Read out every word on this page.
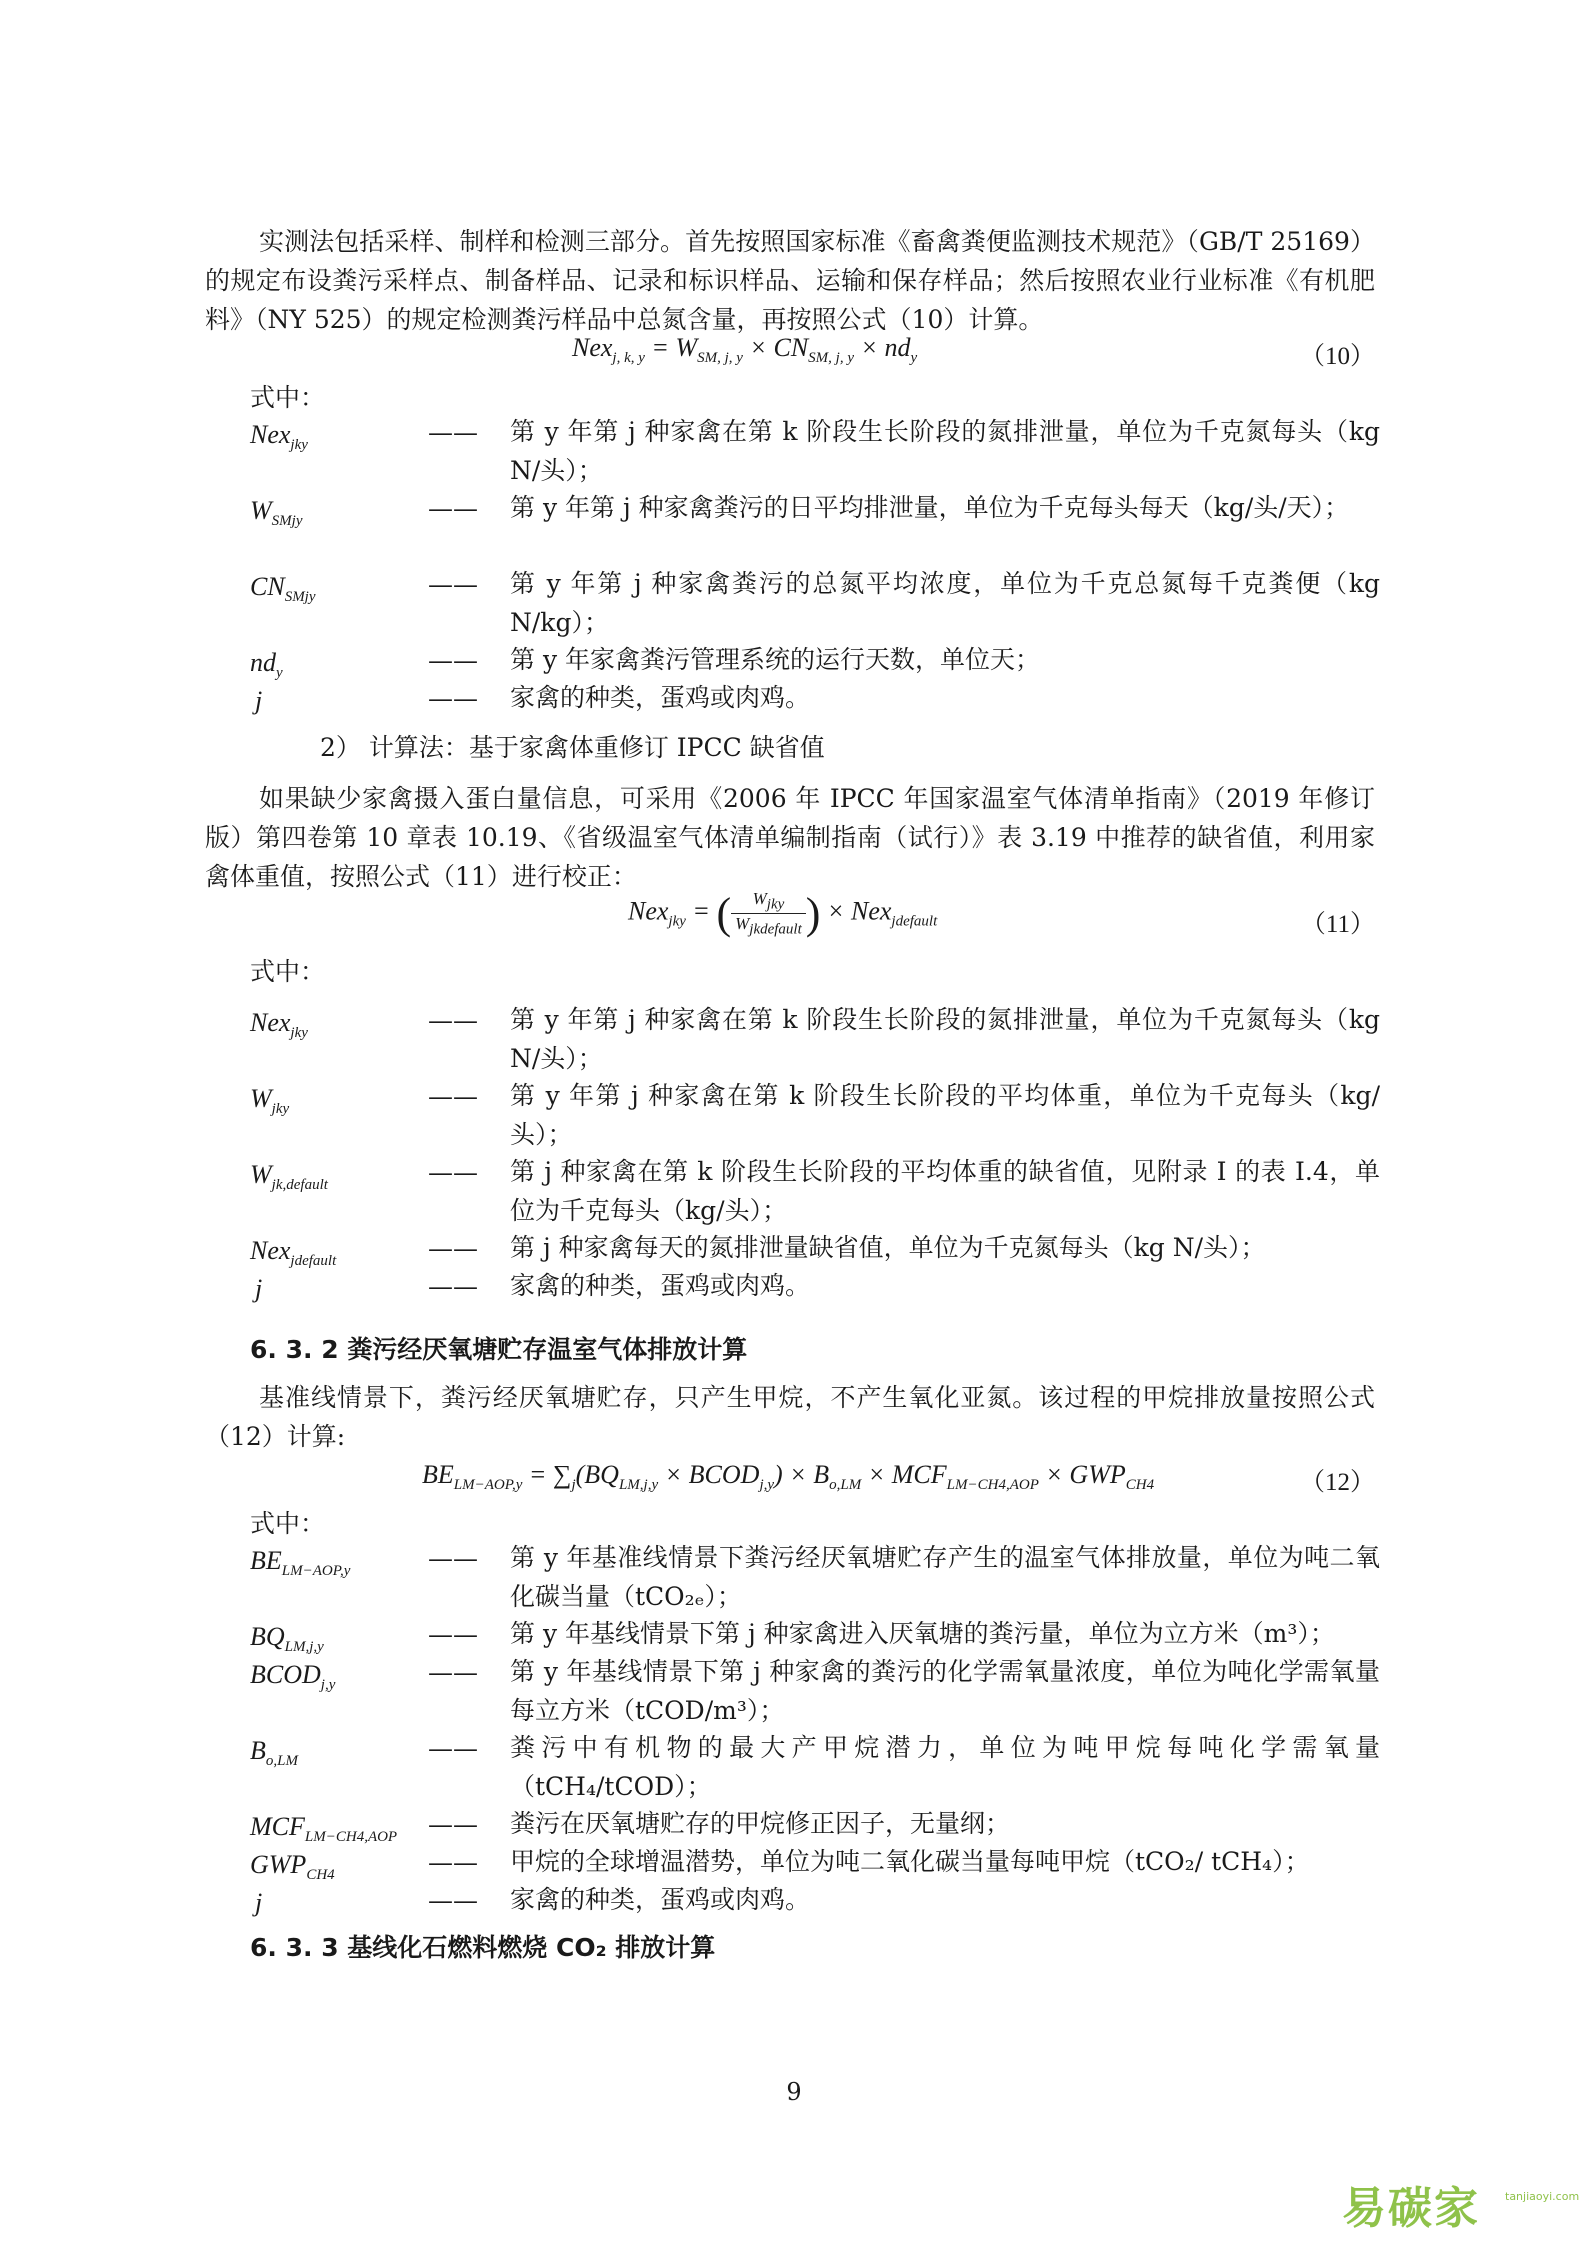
实测法包括采样、制样和检测三部分。首先按照国家标准《畜禽粪便监测技术规范》（GB/T 25169）的规定布设粪污采样点、制备样品、记录和标识样品、运输和保存样品；然后按照农业行业标准《有机肥料》（NY 525）的规定检测粪污样品中总氮含量，再按照公式（10）计算。

$Nex_{j, k, y} = W_{SM, j, y} \times CN_{SM, j, y} \times nd_y$	（10）
式中：
Nex$_{jky}$	—— 第 y 年第 j 种家禽在第 k 阶段生长阶段的氮排泄量，单位为千克氮每头（kg N/头）；
$W_{SMjy}$	—— 第 y 年第 j 种家禽粪污的日平均排泄量，单位为千克每头每天（kg/头/天）；
$CN_{SMjy}$	—— 第 y 年第 j 种家禽粪污的总氮平均浓度，单位为千克总氮每千克粪便（kg N/kg）；
$nd_y$	—— 第 y 年家禽粪污管理系统的运行天数，单位天；
j	—— 家禽的种类，蛋鸡或肉鸡。
2） 计算法：基于家禽体重修订 IPCC 缺省值

如果缺少家禽摄入蛋白量信息，可采用《2006 年 IPCC 年国家温室气体清单指南》（2019 年修订版）第四卷第 10 章表 10.19、《省级温室气体清单编制指南（试行）》表 3.19 中推荐的缺省值，利用家禽体重值，按照公式（11）进行校正：

Nex$_{jky}$ = ( $\frac{W_{jky}}{W_{jkdefault}}$ ) × Nex$_{jdefault}$	（11）
式中：
Nex$_{jky}$	—— 第 y 年第 j 种家禽在第 k 阶段生长阶段的氮排泄量，单位为千克氮每头（kg N/头）；
$W_{jky}$	—— 第 y 年第 j 种家禽在第 k 阶段生长阶段的平均体重，单位为千克每头（kg/头）；
$W_{jk,default}$	—— 第 j 种家禽在第 k 阶段生长阶段的平均体重的缺省值，见附录 I 的表 I.4，单位为千克每头（kg/头）；
Nex$_{jdefault}$	—— 第 j 种家禽每天的氮排泄量缺省值，单位为千克氮每头（kg N/头）；
j	—— 家禽的种类，蛋鸡或肉鸡。
6. 3. 2 粪污经厌氧塘贮存温室气体排放计算

基准线情景下，粪污经厌氧塘贮存，只产生甲烷，不产生氧化亚氮。该过程的甲烷排放量按照公式（12）计算:

$BE_{LM-AOP,y} = \sum_j(BQ_{LM,j,y}$ × $BCOD_{j,y}) \times B_{o,LM} \times MCF_{LM-CH4,AOP} \times GWP_{CH4}$	（12）
式中：
$BE_{LM-AOP,y}$	—— 第 y 年基准线情景下粪污经厌氧塘贮存产生的温室气体排放量，单位为吨二氧化碳当量（tCO₂ₑ）；
$BQ_{LM,j,y}$	—— 第 y 年基线情景下第 j 种家禽进入厌氧塘的粪污量，单位为立方米（m³）；
$BCOD_{j,y}$	—— 第 y 年基线情景下第 j 种家禽的粪污的化学需氧量浓度，单位为吨化学需氧量每立方米（tCOD/m³）；
$B_{o,LM}$	—— 粪污中有机物的最大产甲烷潜力，单位为吨甲烷每吨化学需氧量（tCH₄/tCOD）；
$MCF_{LM-CH4,AOP}$ —— 粪污在厌氧塘贮存的甲烷修正因子，无量纲；
$GWP_{CH4}$	—— 甲烷的全球增温潜势，单位为吨二氧化碳当量每吨甲烷（tCO₂/ tCH₄）；
j	—— 家禽的种类，蛋鸡或肉鸡。
6. 3. 3 基线化石燃料燃烧 CO₂ 排放计算
9
易碳家 tanjiaoyi.com
